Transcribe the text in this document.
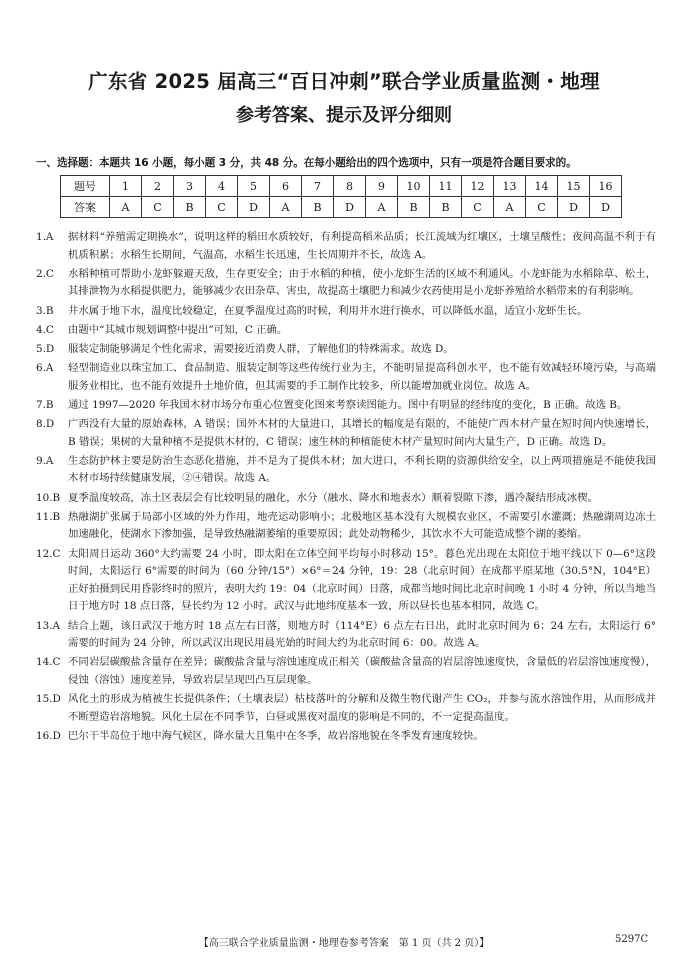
广东省 2025 届高三“百日冲刺”联合学业质量监测・地理
参考答案、提示及评分细则
一、选择题：本题共 16 小题，每小题 3 分，共 48 分。在每小题给出的四个选项中，只有一项是符合题目要求的。
题号	1	2	3	4	5	6	7	8	9	10	11	12	13	14	15	16
答案	A	C	B	C	D	A	B	D	A	B	B	C	A	C	D	D
1.A	据材料“养殖需定期换水”，说明这样的稻田水质较好，有利提高稻米品质；长江流域为红壤区，土壤呈酸性；夜间高温不利于有机质积累；水稻生长期间，气温高，水稻生长迅速，生长周期并不长，故选 A。
2.C	水稻种植可帮助小龙虾躲避天敌，生存更安全；由于水稻的种植，使小龙虾生活的区域不利通风。小龙虾能为水稻除草、松土，其排泄物为水稻提供肥力，能够减少农田杂草、害虫，故提高土壤肥力和减少农药使用是小龙虾养殖给水稻带来的有利影响。
3.B	井水属于地下水，温度比较稳定，在夏季温度过高的时候，利用井水进行换水，可以降低水温，适宜小龙虾生长。
4.C	由题中“其城市规划调整中提出”可知，C 正确。
5.D	服装定制能够满足个性化需求，需要接近消费人群，了解他们的特殊需求。故选 D。
6.A	轻型制造业以珠宝加工、食品制造、服装定制等这些传统行业为主，不能明显提高科创水平，也不能有效减轻环境污染，与高端服务业相比，也不能有效提升土地价值，但其需要的手工制作比较多，所以能增加就业岗位。故选 A。
7.B	通过 1997—2020 年我国木材市场分布重心位置变化图来考察读图能力。图中有明显的经纬度的变化，B 正确。故选 B。
8.D	广西没有大量的原始森林，A 错误；国外木材的大量进口，其增长的幅度是有限的，不能使广西木材产量在短时间内快速增长，B 错误；果树的大量种植不是提供木材的，C 错误；速生林的种植能使木材产量短时间内大量生产，D 正确。故选 D。
9.A	生态防护林主要是防治生态恶化措施，并不是为了提供木材；加大进口，不利长期的资源供给安全，以上两项措施是不能使我国木材市场持续健康发展，②④错误。故选 A。
10.B 夏季温度较高，冻土区表层会有比较明显的融化，水分（融水、降水和地表水）顺着裂隙下渗，遇冷凝结形成冰楔。
11.B 热融湖扩张属于局部小区域的外力作用，地壳运动影响小；北极地区基本没有大规模农业区，不需要引水灌溉；热融湖周边冻土加速融化，使湖水下渗加强，是导致热融湖萎缩的重要原因；此处动物稀少，其饮水不大可能造成整个湖的萎缩。
12.C 太阳周日运动 360°大约需要 24 小时，即太阳在立体空间平均每小时移动 15°。暮色光出现在太阳位于地平线以下 0—6°这段时间，太阳运行 6°需要的时间为（60 分钟/15°）×6°＝24 分钟，19：28（北京时间）在成都平原某地（30.5°N，104°E）正好拍摄到民用昏影终时的照片，表明大约 19：04（北京时间）日落，成都当地时间比北京时间晚 1 小时 4 分钟，所以当地当日于地方时 18 点日落，昼长约为 12 小时。武汉与此地纬度基本一致，所以昼长也基本相同，故选 C。
13.A 结合上题，该日武汉于地方时 18 点左右日落，则地方时（114°E）6 点左右日出，此时北京时间为 6：24 左右，太阳运行 6°需要的时间为 24 分钟，所以武汉出现民用晨光始的时间大约为北京时间 6：00。故选 A。
14.C 不同岩层碳酸盐含量存在差异；碳酸盐含量与溶蚀速度成正相关（碳酸盐含量高的岩层溶蚀速度快，含量低的岩层溶蚀速度慢），侵蚀（溶蚀）速度差异，导致岩层呈现凹凸互层现象。
15.D 风化土的形成为植被生长提供条件；（土壤表层）枯枝落叶的分解和及微生物代谢产生 CO₂，并参与流水溶蚀作用，从而形成并不断塑造岩溶地貌。风化土层在不同季节，白昼或黑夜对温度的影响是不同的，不一定提高温度。
16.D 巴尔干半岛位于地中海气候区，降水量大且集中在冬季，故岩溶地貌在冬季发育速度较快。
【高三联合学业质量监测・地理卷参考答案　第 1 页（共 2 页）】	5297C
